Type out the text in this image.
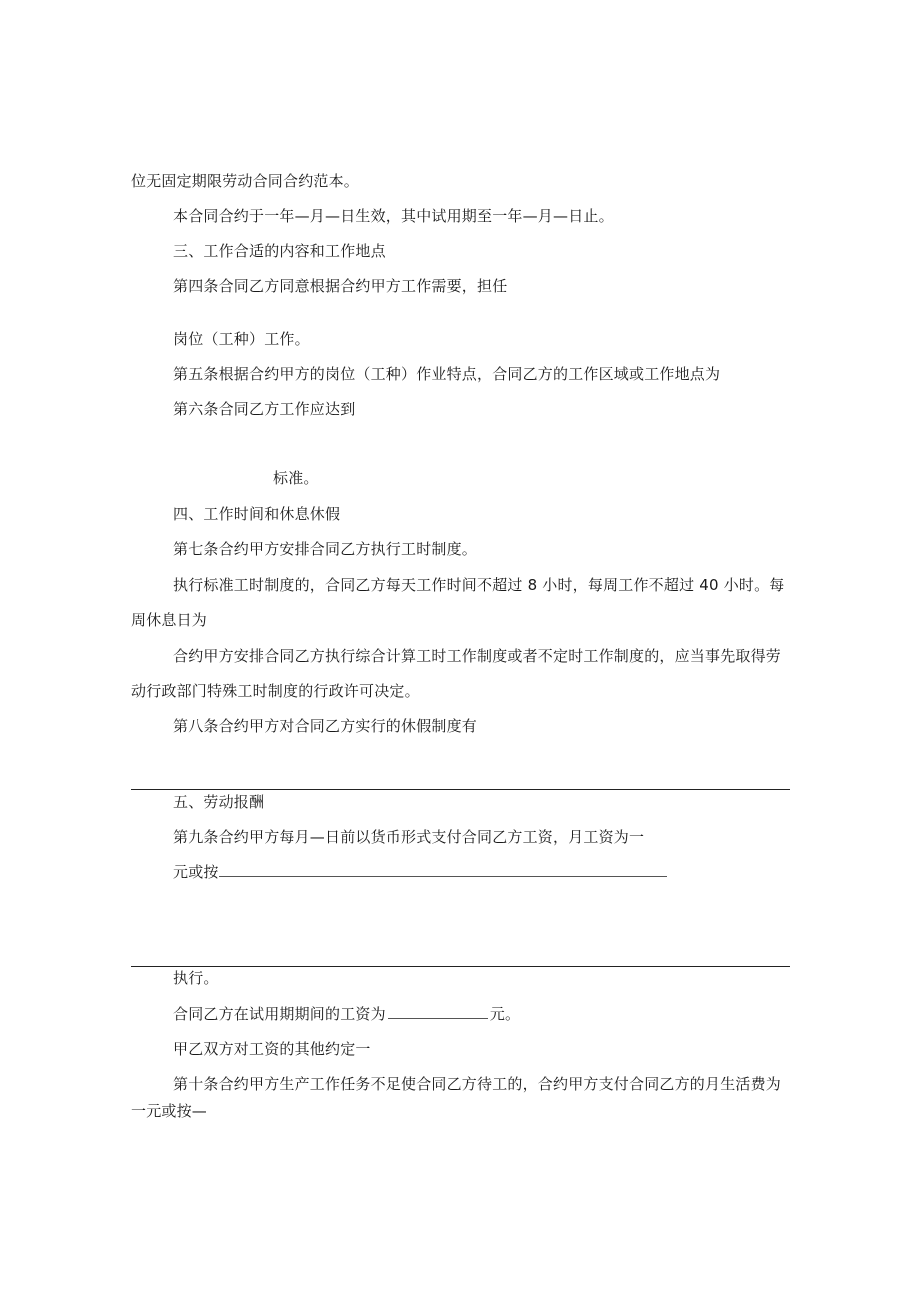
位无固定期限劳动合同合约范本。
本合同合约于一年—月—日生效，其中试用期至一年—月—日止。
三、工作合适的内容和工作地点
第四条合同乙方同意根据合约甲方工作需要，担任
岗位（工种）工作。
第五条根据合约甲方的岗位（工种）作业特点，合同乙方的工作区域或工作地点为
第六条合同乙方工作应达到
标准。
四、工作时间和休息休假
第七条合约甲方安排合同乙方执行工时制度。
执行标准工时制度的，合同乙方每天工作时间不超过 8 小时，每周工作不超过 40 小时。每
周休息日为
合约甲方安排合同乙方执行综合计算工时工作制度或者不定时工作制度的，应当事先取得劳
动行政部门特殊工时制度的行政许可决定。
第八条合约甲方对合同乙方实行的休假制度有
五、劳动报酬
第九条合约甲方每月—日前以货币形式支付合同乙方工资，月工资为一
元或按
执行。
合同乙方在试用期期间的工资为	元。
甲乙双方对工资的其他约定一
第十条合约甲方生产工作任务不足使合同乙方待工的，合约甲方支付合同乙方的月生活费为
一元或按—
